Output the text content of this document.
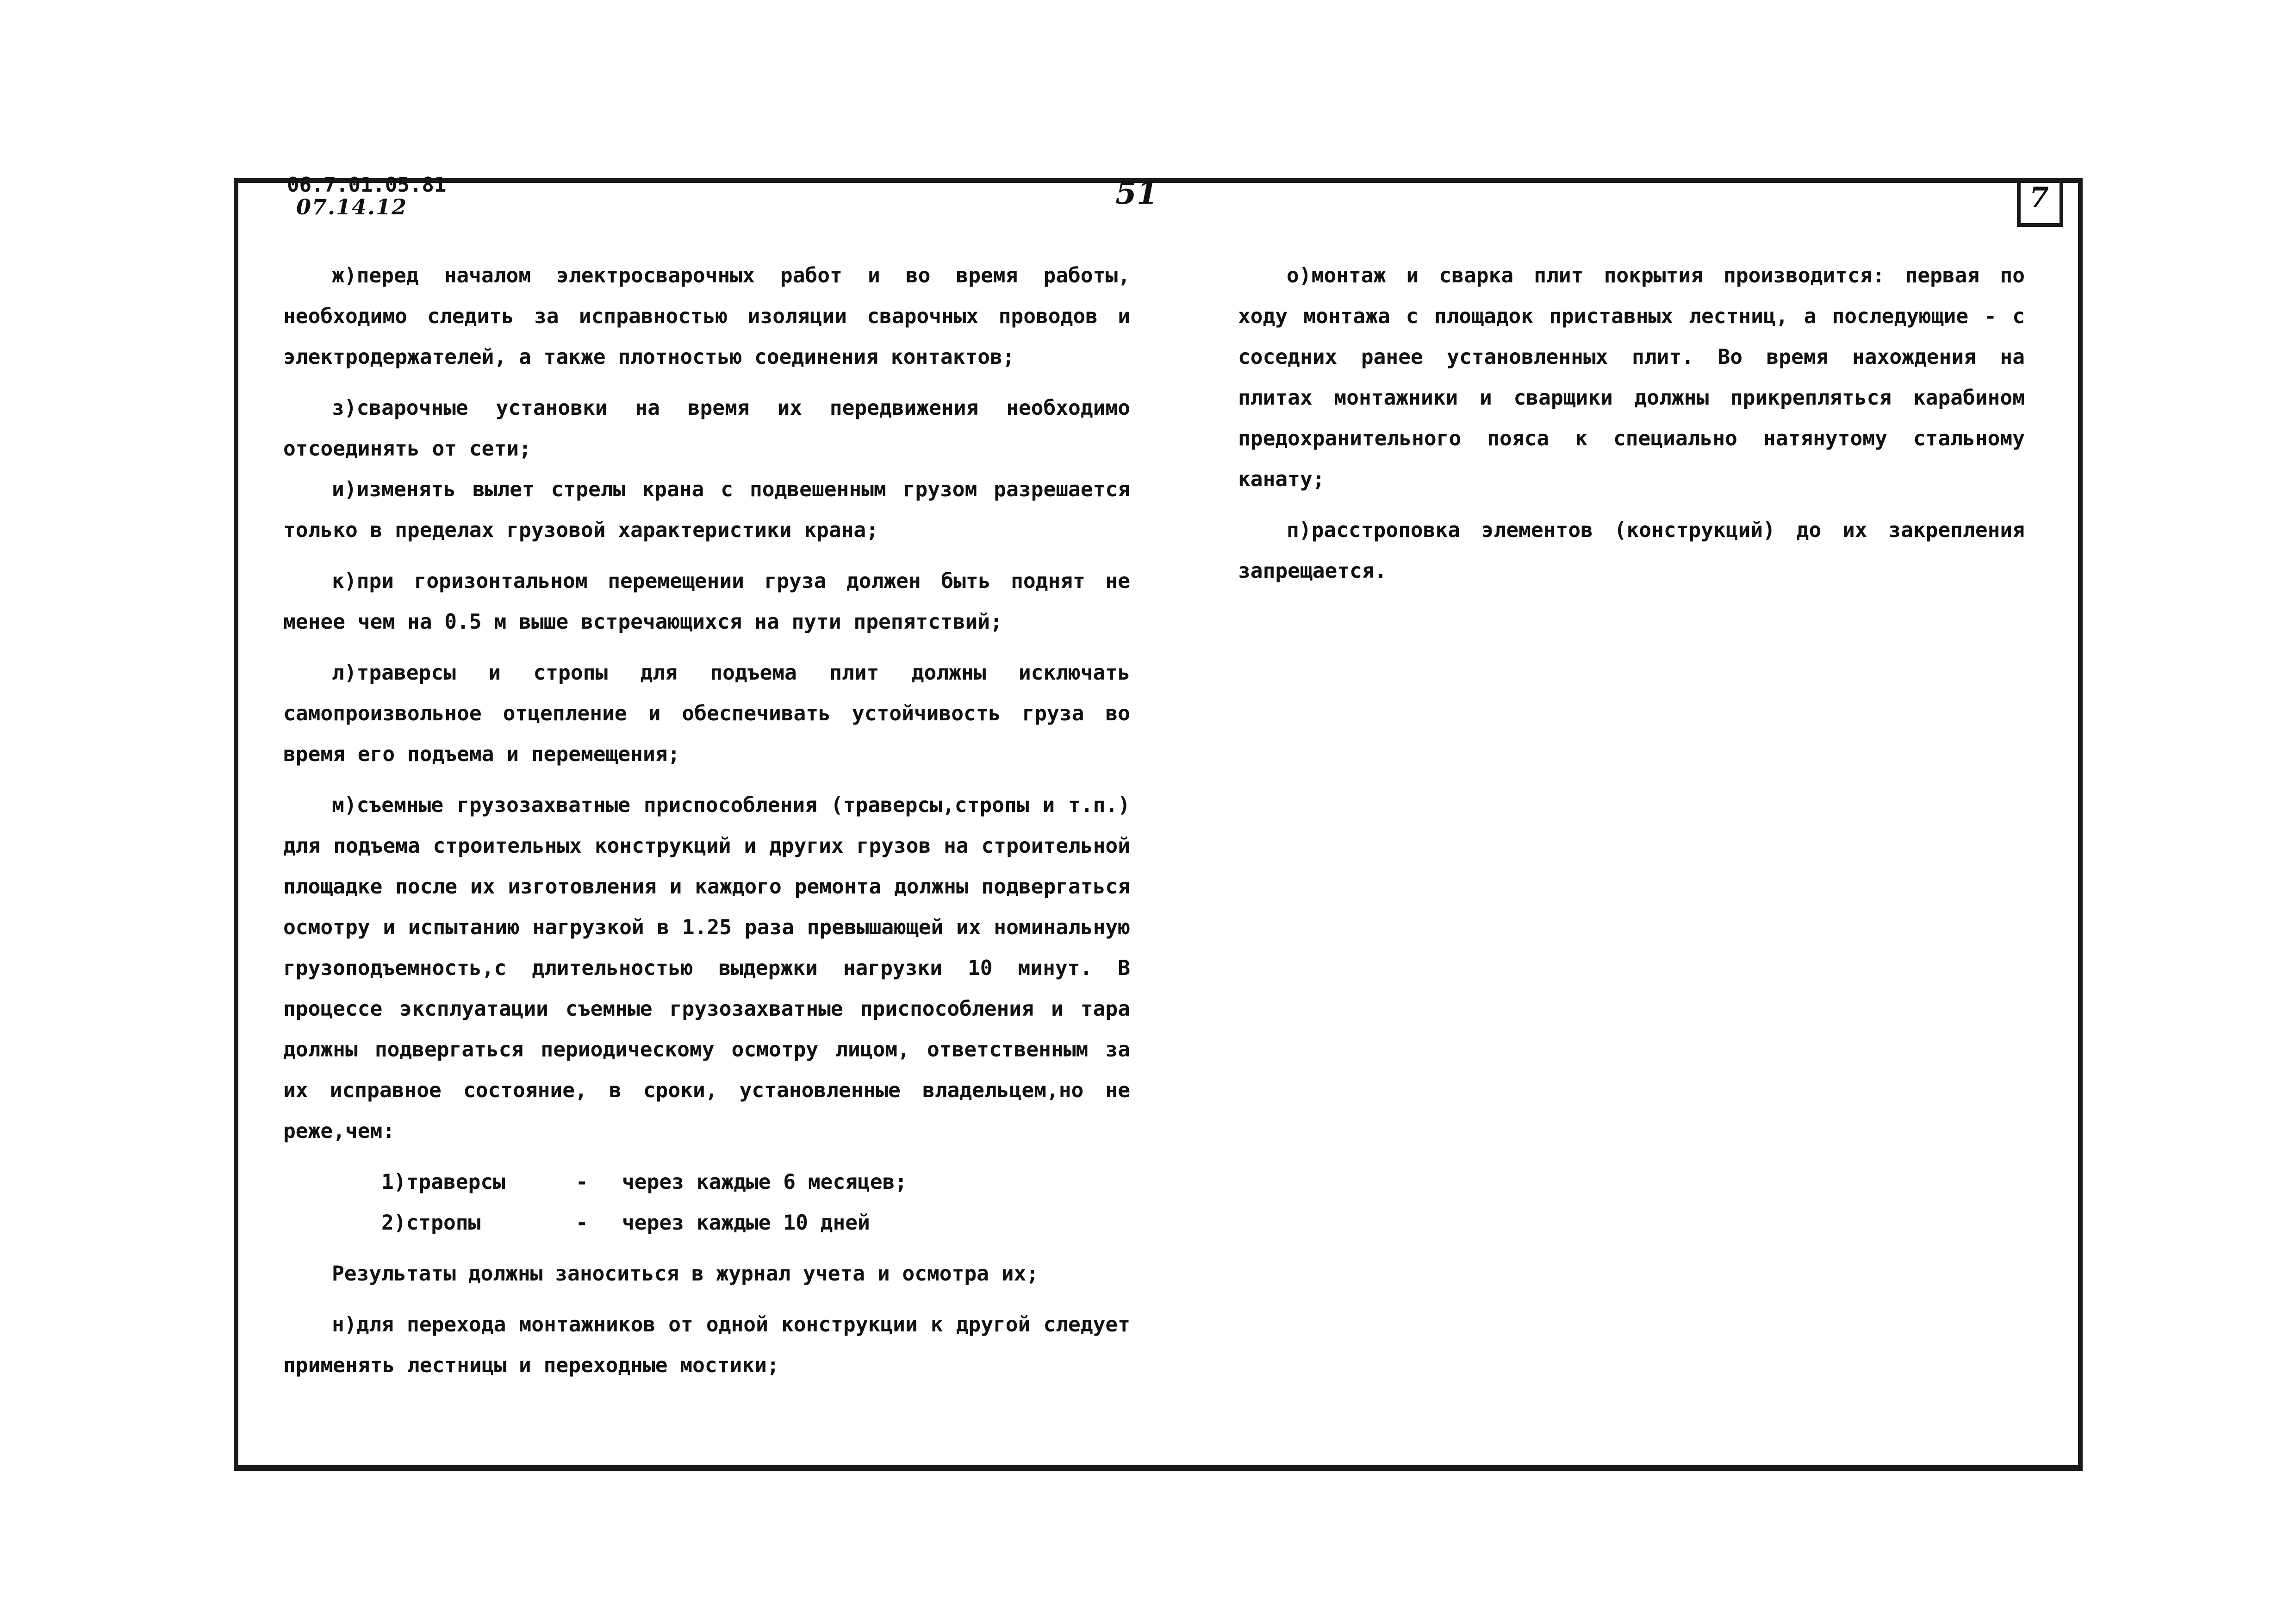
06.7.01.05.81
07.14.12	51	7

ж)перед началом электросварочных работ и во время работы, необходимо следить за исправностью изоляции сварочных проводов и электродержателей, а также плотностью соединения контактов;

з)сварочные установки на время их передвижения необходимо отсоединять от сети;

и)изменять вылет стрелы крана с подвешенным грузом разрешается только в пределах грузовой характеристики крана;

к)при горизонтальном перемещении груза должен быть поднят не менее чем на 0.5 м выше встречающихся на пути препятствий;

л)траверсы и стропы для подъема плит должны исключать самопроизвольное отцепление и обеспечивать устойчивость груза во время его подъема и перемещения;

м)съемные грузозахватные приспособления (траверсы,стропы и т.п.) для подъема строительных конструкций и других грузов на строительной площадке после их изготовления и каждого ремонта должны подвергаться осмотру и испытанию нагрузкой в 1.25 раза превышающей их номинальную грузоподъемность,с длительностью выдержки нагрузки 10 минут. В процессе эксплуатации съемные грузозахватные приспособления и тара должны подвергаться периодическому осмотру лицом, ответственным за их исправное состояние, в сроки, установленные владельцем,но не реже,чем:

1)траверсы	-	через каждые 6 месяцев;
2)стропы	-	через каждые 10 дней

Результаты должны заноситься в журнал учета и осмотра их;

н)для перехода монтажников от одной конструкции к другой следует применять лестницы и переходные мостики;

о)монтаж и сварка плит покрытия производится: первая по ходу монтажа с площадок приставных лестниц, а последующие - с соседних ранее установленных плит. Во время нахождения на плитах монтажники и сварщики должны прикрепляться карабином предохранительного пояса к специально натянутому стальному канату;

п)расстроповка элементов (конструкций) до их закрепления запрещается.
